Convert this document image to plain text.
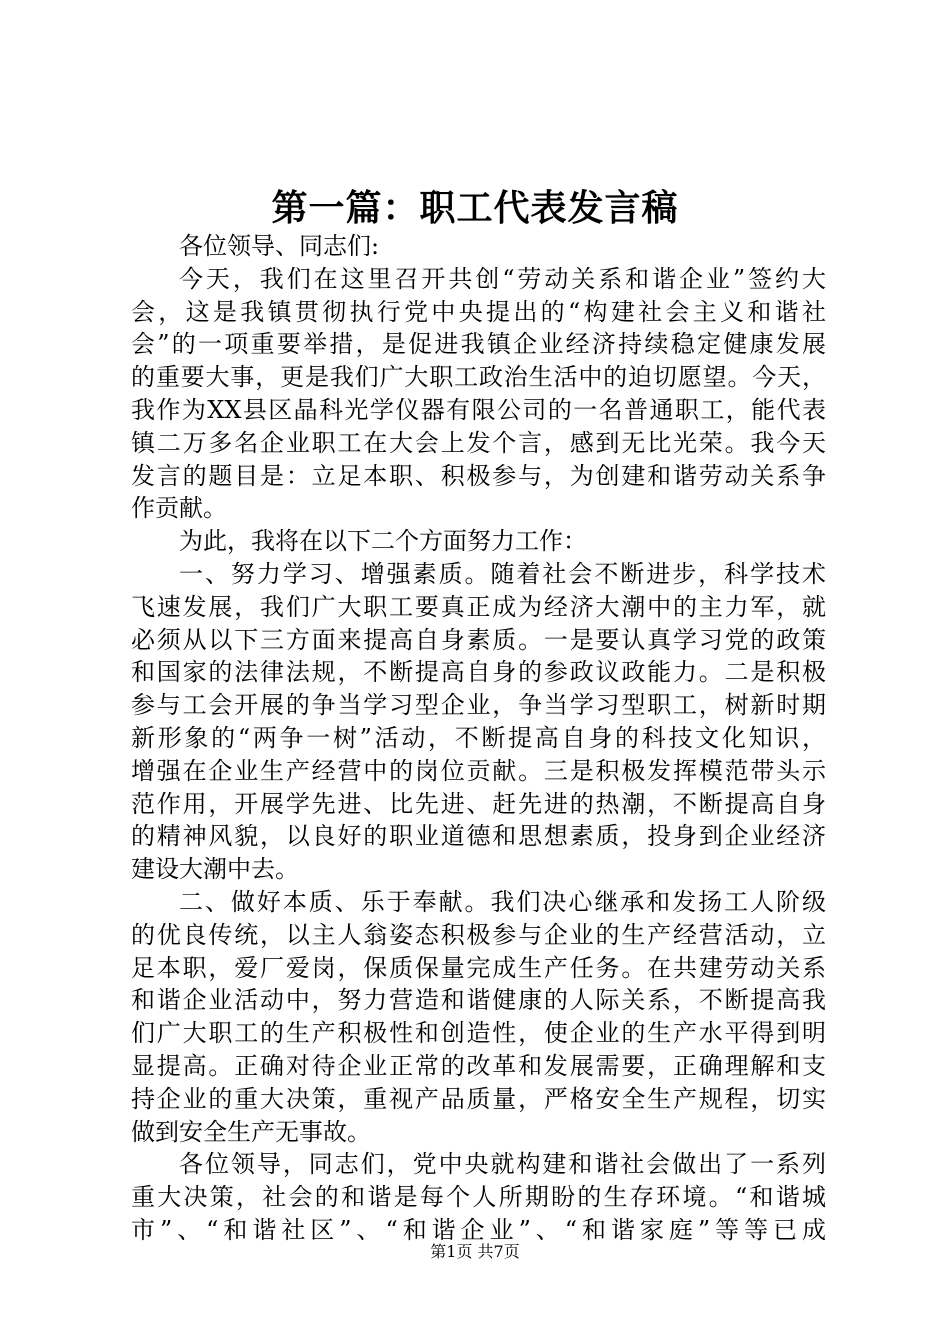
第一篇：职工代表发言稿
各位领导、同志们:
今天，我们在这里召开共创“劳动关系和谐企业”签约大
会，这是我镇贯彻执行党中央提出的“构建社会主义和谐社
会”的一项重要举措，是促进我镇企业经济持续稳定健康发展
的重要大事，更是我们广大职工政治生活中的迫切愿望。今天，
我作为XX县区晶科光学仪器有限公司的一名普通职工，能代表
镇二万多名企业职工在大会上发个言，感到无比光荣。我今天
发言的题目是：立足本职、积极参与，为创建和谐劳动关系争
作贡献。
为此，我将在以下二个方面努力工作：
一、努力学习、增强素质。随着社会不断进步，科学技术
飞速发展，我们广大职工要真正成为经济大潮中的主力军，就
必须从以下三方面来提高自身素质。一是要认真学习党的政策
和国家的法律法规，不断提高自身的参政议政能力。二是积极
参与工会开展的争当学习型企业，争当学习型职工，树新时期
新形象的“两争一树”活动，不断提高自身的科技文化知识，
增强在企业生产经营中的岗位贡献。三是积极发挥模范带头示
范作用，开展学先进、比先进、赶先进的热潮，不断提高自身
的精神风貌，以良好的职业道德和思想素质，投身到企业经济
建设大潮中去。
二、做好本质、乐于奉献。我们决心继承和发扬工人阶级
的优良传统，以主人翁姿态积极参与企业的生产经营活动，立
足本职，爱厂爱岗，保质保量完成生产任务。在共建劳动关系
和谐企业活动中，努力营造和谐健康的人际关系，不断提高我
们广大职工的生产积极性和创造性，使企业的生产水平得到明
显提高。正确对待企业正常的改革和发展需要，正确理解和支
持企业的重大决策，重视产品质量，严格安全生产规程，切实
做到安全生产无事故。
各位领导，同志们，党中央就构建和谐社会做出了一系列
重大决策，社会的和谐是每个人所期盼的生存环境。“和谐城
市”、“和谐社区”、“和谐企业”、“和谐家庭”等等已成
第1页 共7页
